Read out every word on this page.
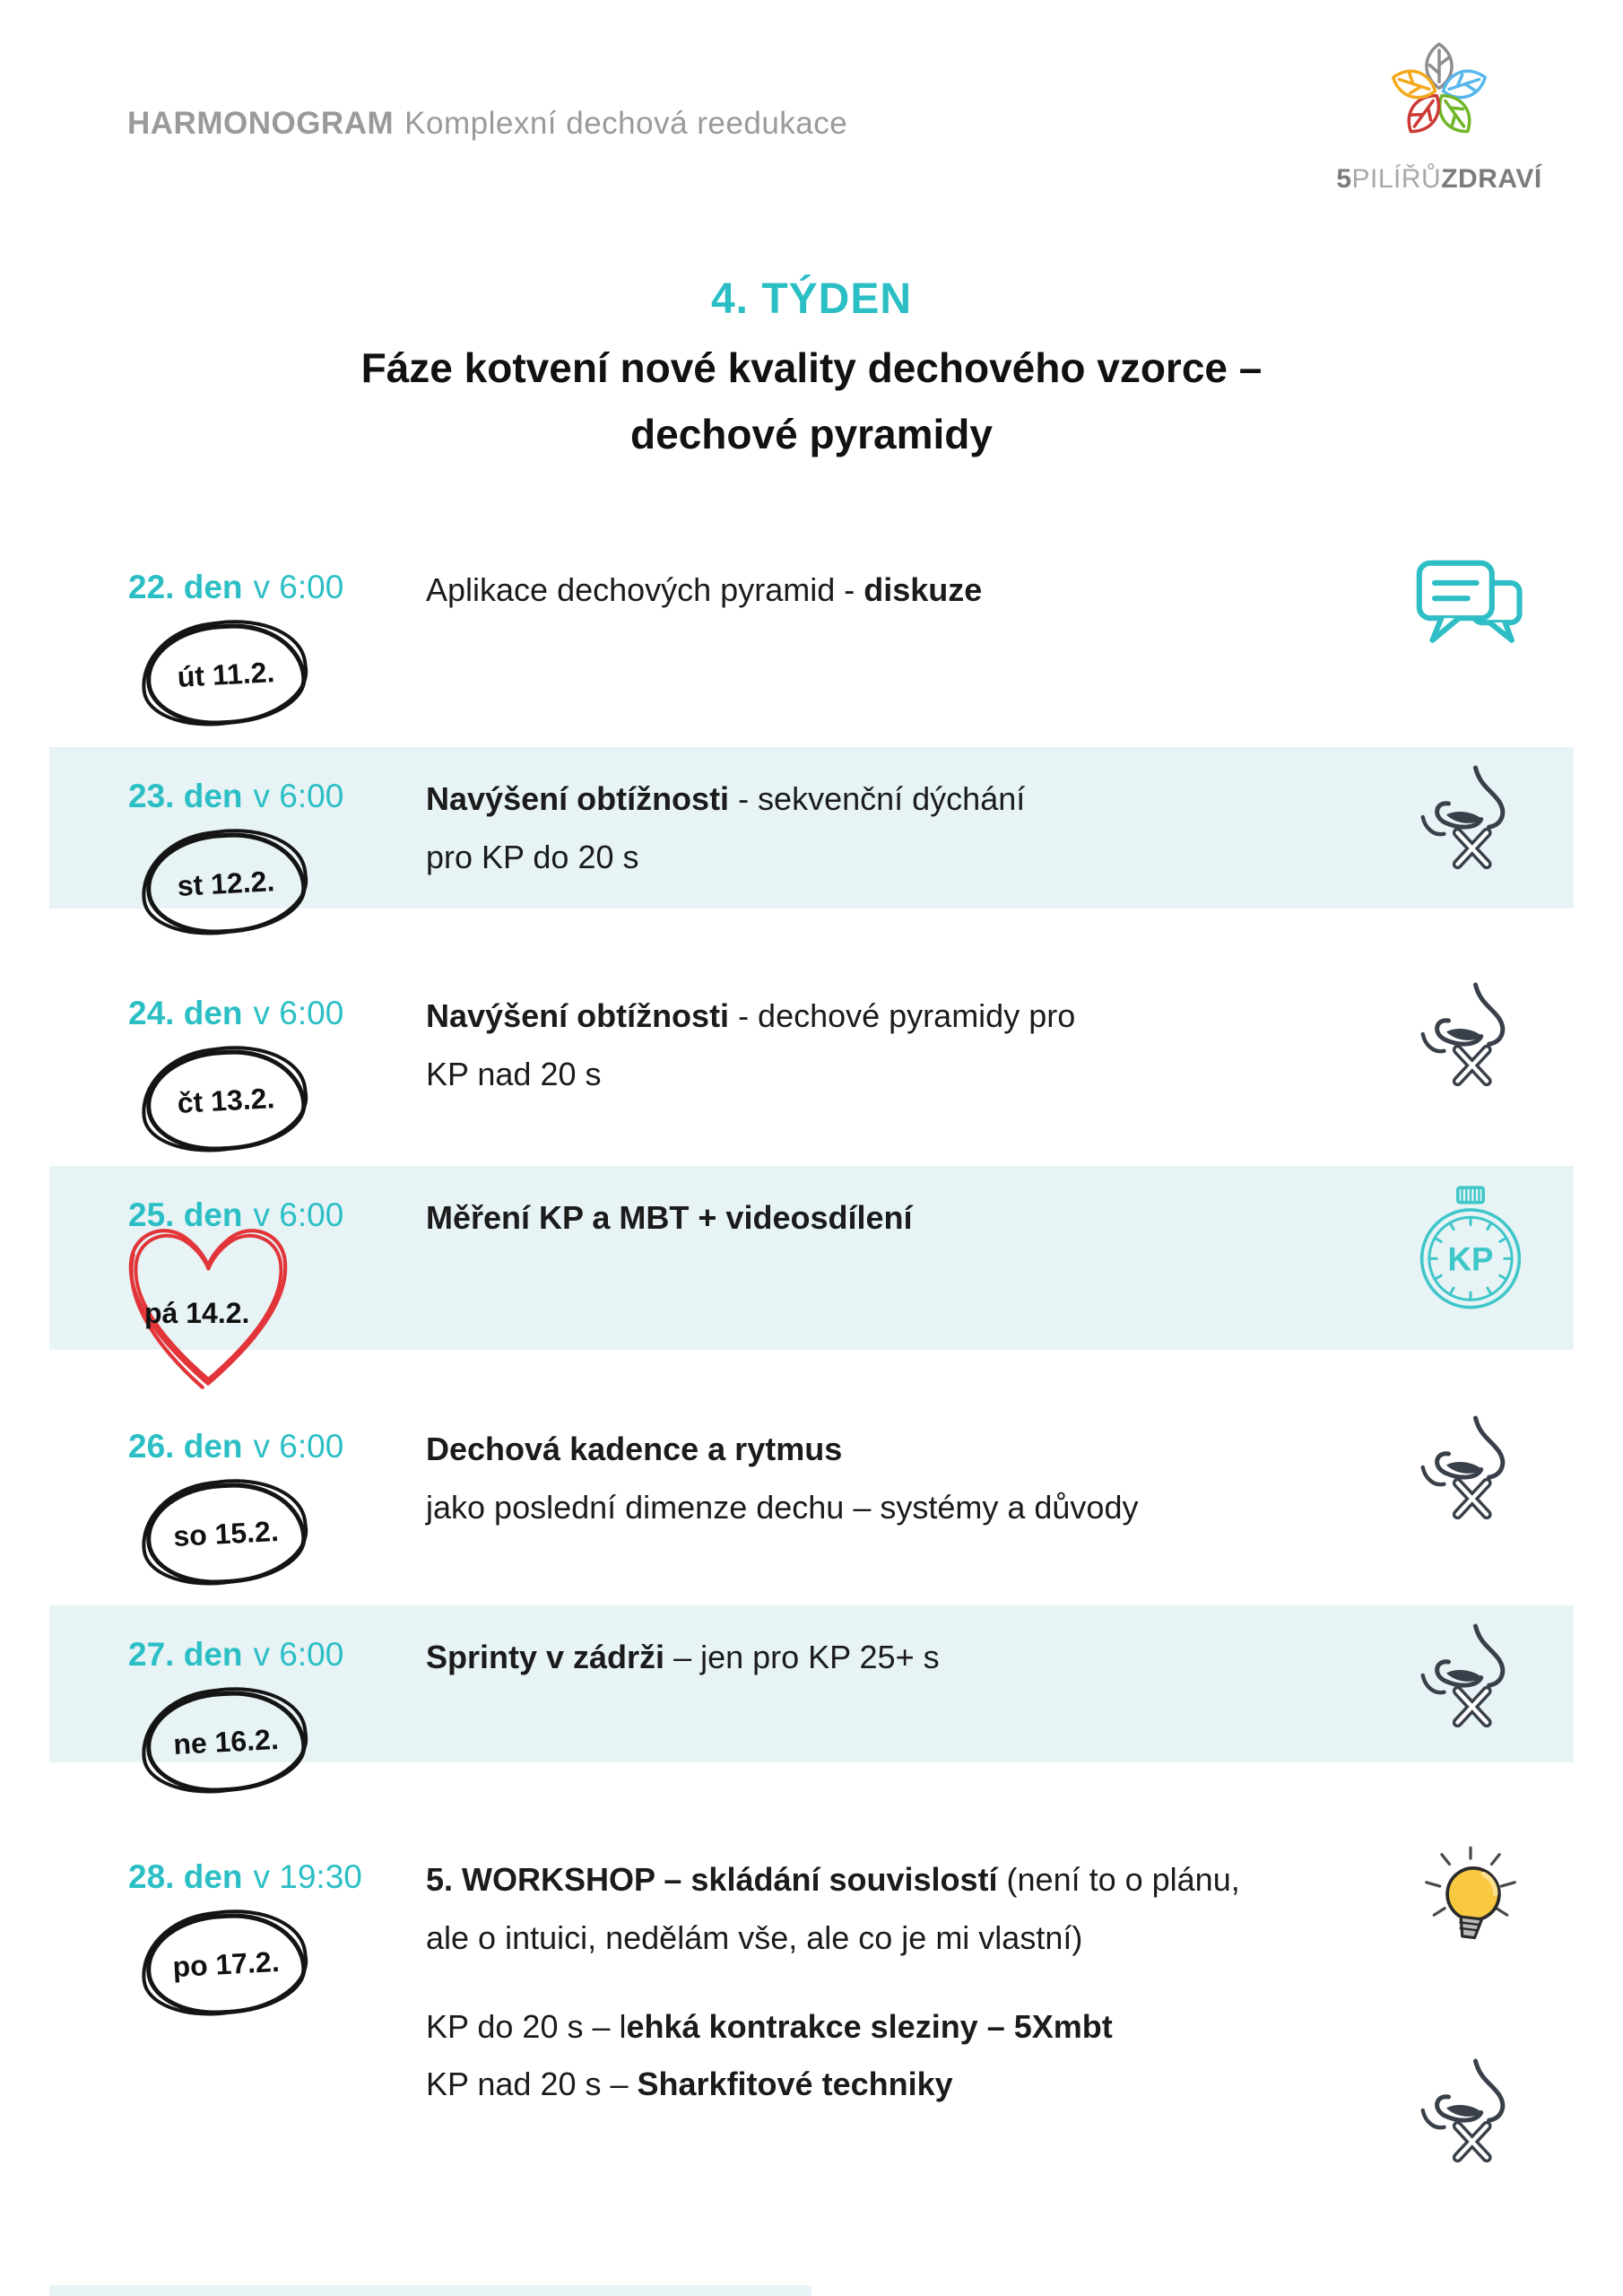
HARMONOGRAM Komplexní dechová reedukace
5PILÍŘŮZDRAVÍ
4. TÝDEN
Fáze kotvení nové kvality dechového vzorce –
dechové pyramidy
22. den v 6:00
út 11.2.

Aplikace dechových pyramid - diskuze

23. den v 6:00
st 12.2.

Navýšení obtížnosti - sekvenční dýchání
pro KP do 20 s

24. den v 6:00
čt 13.2.

Navýšení obtížnosti - dechové pyramidy pro
KP nad 20 s

25. den v 6:00
pá 14.2.

Měření KP a MBT + videosdílení

KP
26. den v 6:00
so 15.2.

Dechová kadence a rytmus
jako poslední dimenze dechu – systémy a důvody

27. den v 6:00
ne 16.2.

Sprinty v zádrži – jen pro KP 25+ s

28. den v 19:30
po 17.2.

5. WORKSHOP – skládání souvislostí (není to o plánu,
ale o intuici, nedělám vše, ale co je mi vlastní)

KP do 20 s – lehká kontrakce sleziny – 5Xmbt
KP nad 20 s – Sharkfitové techniky
